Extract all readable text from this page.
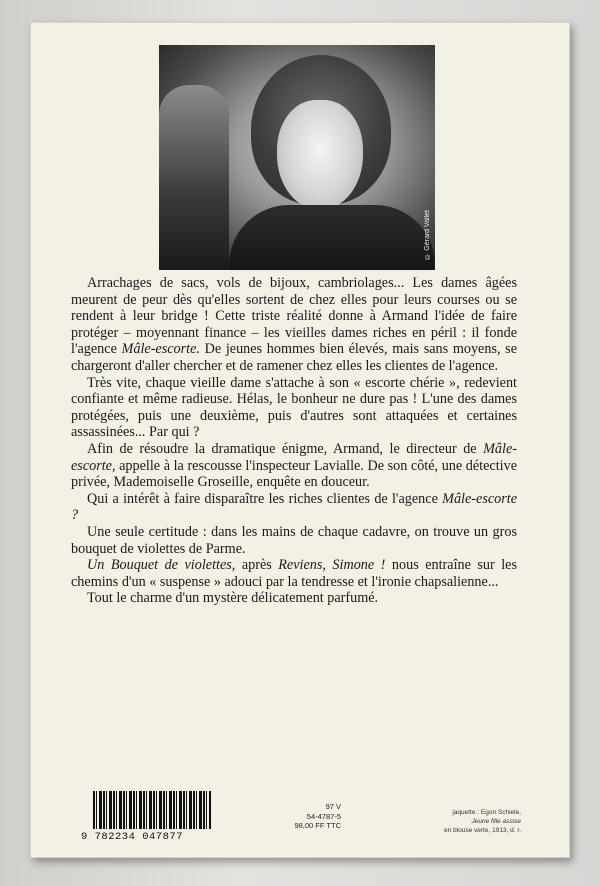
© Gérard Vallet

Arrachages de sacs, vols de bijoux, cambriolages... Les dames âgées meurent de peur dès qu'elles sortent de chez elles pour leurs courses ou se rendent à leur bridge ! Cette triste réalité donne à Armand l'idée de faire protéger – moyennant finance – les vieilles dames riches en péril : il fonde l'agence Mâle-escorte. De jeunes hommes bien élevés, mais sans moyens, se chargeront d'aller chercher et de ramener chez elles les clientes de l'agence.

Très vite, chaque vieille dame s'attache à son « escorte chérie », redevient confiante et même radieuse. Hélas, le bonheur ne dure pas ! L'une des dames protégées, puis une deuxième, puis d'autres sont attaquées et certaines assassinées... Par qui ?

Afin de résoudre la dramatique énigme, Armand, le directeur de Mâle-escorte, appelle à la rescousse l'inspecteur Lavialle. De son côté, une détective privée, Mademoiselle Groseille, enquête en douceur.

Qui a intérêt à faire disparaître les riches clientes de l'agence Mâle-escorte ?

Une seule certitude : dans les mains de chaque cadavre, on trouve un gros bouquet de violettes de Parme.

Un Bouquet de violettes, après Reviens, Simone ! nous entraîne sur les chemins d'un « suspense » adouci par la tendresse et l'ironie chapsalienne...

Tout le charme d'un mystère délicatement parfumé.

9 782234 047877
97 V
54-4787-5
98,00 FF TTC
jaquette : Egon Schiele,
Jeune fille assise
en blouse verte, 1913, d. r.
